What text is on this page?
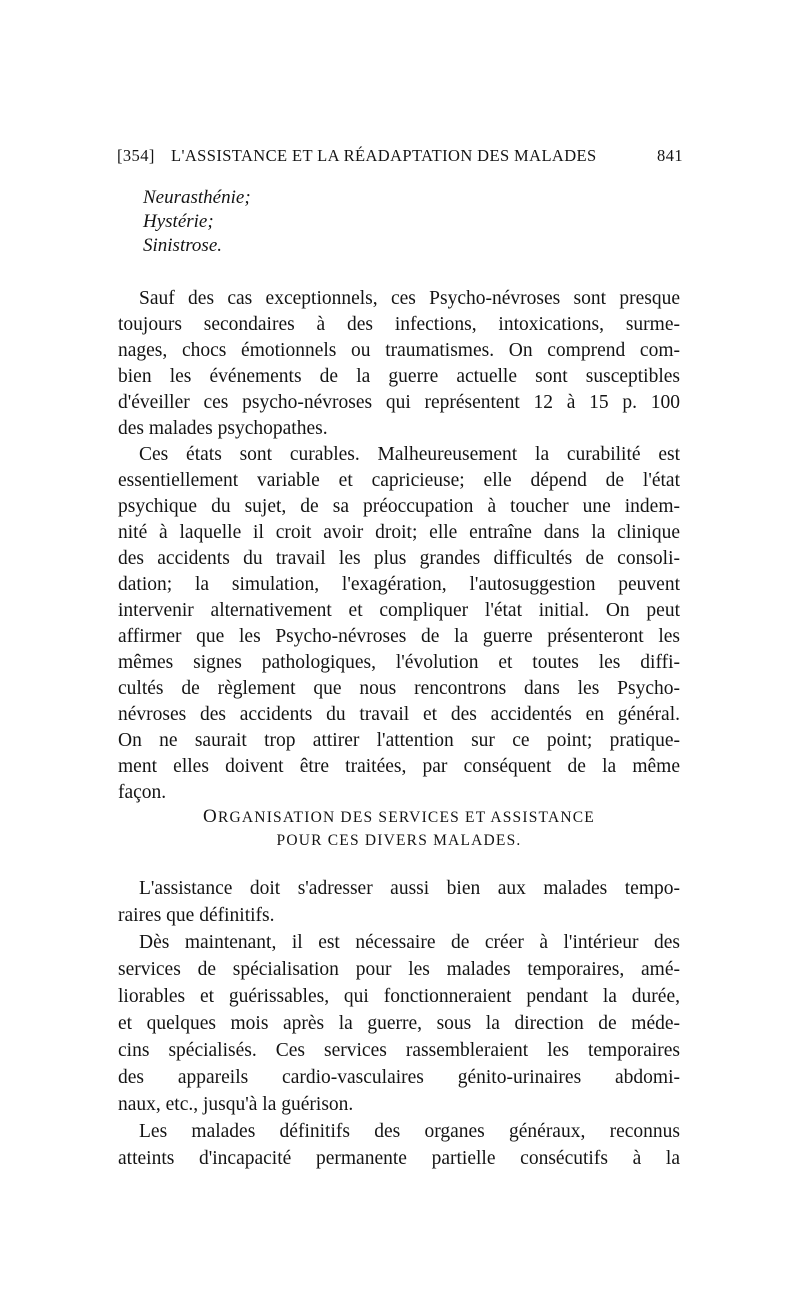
[354] L'ASSISTANCE ET LA RÉADAPTATION DES MALADES	841
Neurasthénie;
Hystérie;
Sinistrose.
Sauf des cas exceptionnels, ces Psycho-névroses sont presque
toujours secondaires à des infections, intoxications, surme-
nages, chocs émotionnels ou traumatismes. On comprend com-
bien les événements de la guerre actuelle sont susceptibles
d'éveiller ces psycho-névroses qui représentent 12 à 15 p. 100
des malades psychopathes.
Ces états sont curables. Malheureusement la curabilité est
essentiellement variable et capricieuse; elle dépend de l'état
psychique du sujet, de sa préoccupation à toucher une indem-
nité à laquelle il croit avoir droit; elle entraîne dans la clinique
des accidents du travail les plus grandes difficultés de consoli-
dation; la simulation, l'exagération, l'autosuggestion peuvent
intervenir alternativement et compliquer l'état initial. On peut
affirmer que les Psycho-névroses de la guerre présenteront les
mêmes signes pathologiques, l'évolution et toutes les diffi-
cultés de règlement que nous rencontrons dans les Psycho-
névroses des accidents du travail et des accidentés en général.
On ne saurait trop attirer l'attention sur ce point; pratique-
ment elles doivent être traitées, par conséquent de la même
façon.
ORGANISATION DES SERVICES ET ASSISTANCE
POUR CES DIVERS MALADES.
L'assistance doit s'adresser aussi bien aux malades tempo-
raires que définitifs.
Dès maintenant, il est nécessaire de créer à l'intérieur des
services de spécialisation pour les malades temporaires, amé-
liorables et guérissables, qui fonctionneraient pendant la durée,
et quelques mois après la guerre, sous la direction de méde-
cins spécialisés. Ces services rassembleraient les temporaires
des appareils cardio-vasculaires génito-urinaires abdomi-
naux, etc., jusqu'à la guérison.
Les malades définitifs des organes généraux, reconnus
atteints d'incapacité permanente partielle consécutifs à la
